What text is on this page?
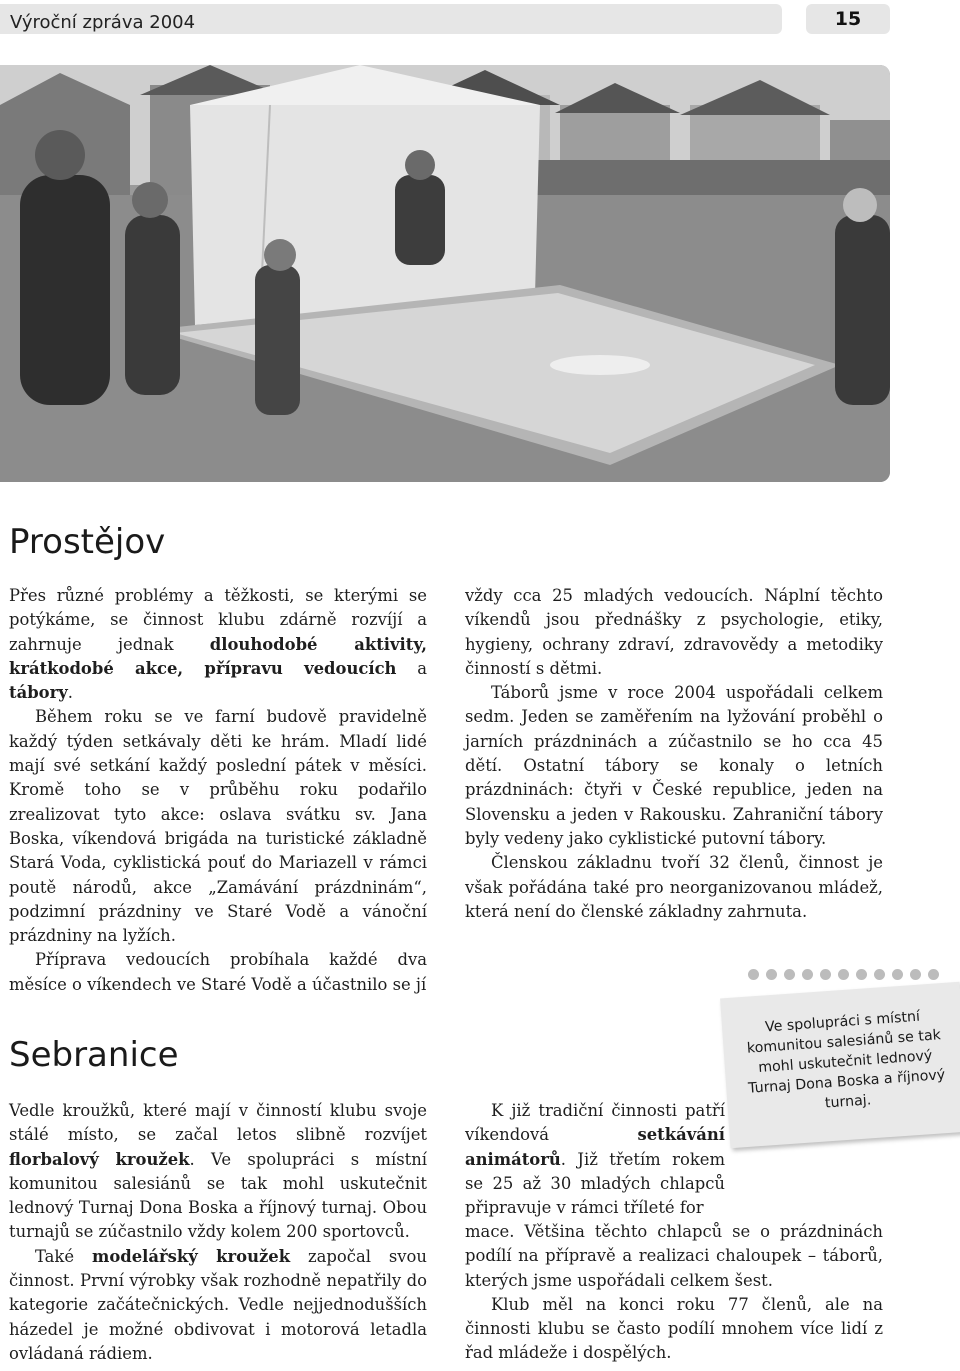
Výroční zpráva 2004	15
Prostějov

Přes různé problémy a těžkosti, se kterými se potýkáme, se činnost klubu zdárně rozvíjí a zahrnuje jednak dlouhodobé aktivity, krátkodobé akce, přípravu vedoucích a tábory.

Během roku se ve farní budově pravidelně každý týden setkávaly děti ke hrám. Mladí lidé mají své setkání každý poslední pátek v měsíci. Kromě toho se v průběhu roku podařilo zrealizovat tyto akce: oslava svátku sv. Jana Boska, víkendová brigáda na turistické základně Stará Voda, cyklistická pouť do Mariazell v rámci poutě národů, akce „Zamávání prázdninám“, podzimní prázdniny ve Staré Vodě a vánoční prázdniny na lyžích.

Příprava vedoucích probíhala každé dva měsíce o víkendech ve Staré Vodě a účastnilo se jí

vždy cca 25 mladých vedoucích. Náplní těchto víkendů jsou přednášky z psychologie, etiky, hygieny, ochrany zdraví, zdravovědy a metodiky činností s dětmi.

Táborů jsme v roce 2004 uspořádali celkem sedm. Jeden se zaměřením na lyžování proběhl o jarních prázdninách a zúčastnilo se ho cca 45 dětí. Ostatní tábory se konaly o letních prázdninách: čtyři v České republice, jeden na Slovensku a jeden v Rakousku. Zahraniční tábory byly vedeny jako cyklistické putovní tábory.

Členskou základnu tvoří 32 členů, činnost je však pořádána také pro neorganizovanou mládež, která není do členské základny zahrnuta.

Ve spolupráci s místní komunitou salesiánů se tak mohl uskutečnit lednový Turnaj Dona Boska a říjnový turnaj.
Sebranice

Vedle kroužků, které mají v činností klubu svoje stálé místo, se začal letos slibně rozvíjet florbalový kroužek. Ve spolupráci s místní komunitou salesiánů se tak mohl uskutečnit lednový Turnaj Dona Boska a říjnový turnaj. Obou turnajů se zúčastnilo vždy kolem 200 sportovců.

Také modelářský kroužek započal svou činnost. První výrobky však rozhodně nepatřily do kategorie začátečnických. Vedle nejjednodušších házedel je možné obdivovat i motorová letadla ovládaná rádiem.

K již tradiční činnosti patří víkendová setkávání animátorů. Již třetím rokem se 25 až 30 mladých chlapců připravuje v rámci tříleté for

mace. Většina těchto chlapců se o prázdninách podílí na přípravě a realizaci chaloupek – táborů, kterých jsme uspořádali celkem šest.

Klub měl na konci roku 77 členů, ale na činnosti klubu se často podílí mnohem více lidí z řad mládeže i dospělých.
